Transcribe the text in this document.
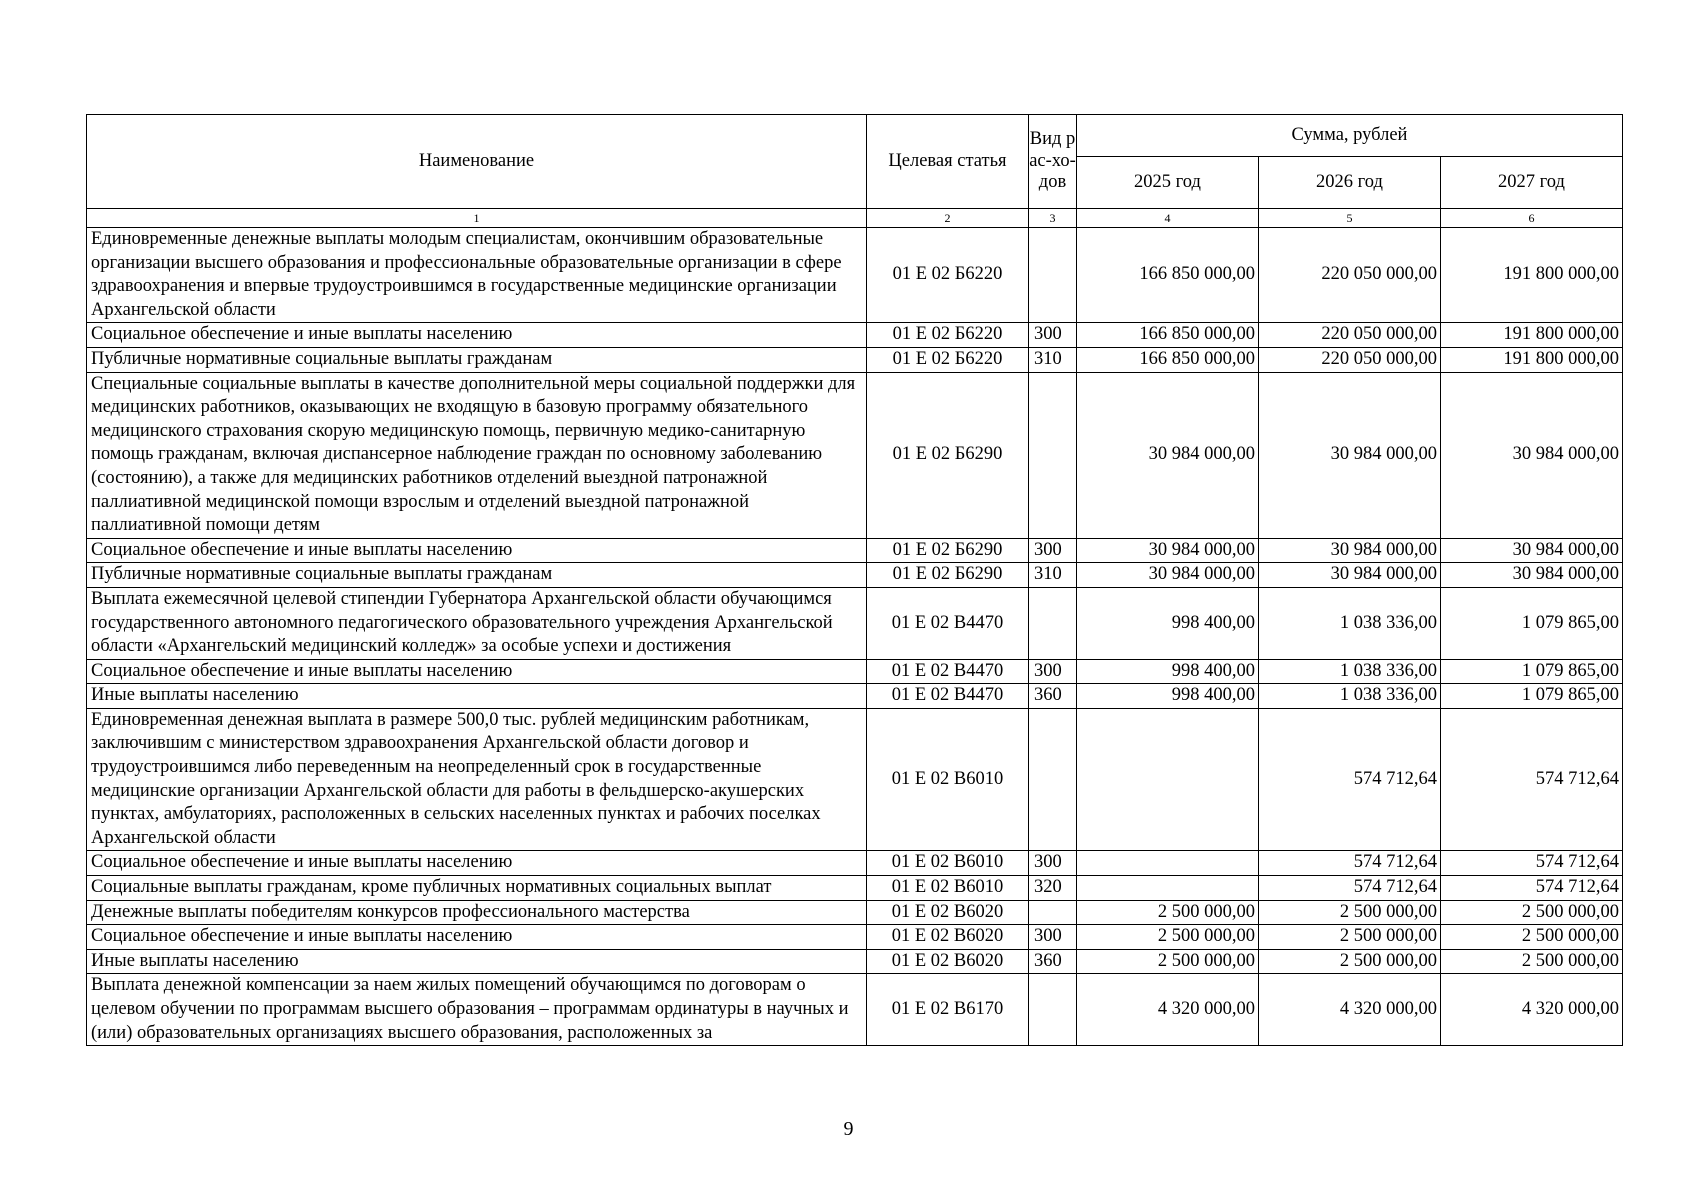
Наименование	Целевая статья	Вид рас-хо-дов	Сумма, рублей		
			2025 год	2026 год	2027 год
1	2	3	4	5	6
Единовременные денежные выплаты молодым специалистам, окончившим образовательные организации высшего образования и профессиональные образовательные организации в сфере здравоохранения и впервые трудоустроившимся в государственные медицинские организации Архангельской области	01 Е 02 Б6220		166 850 000,00	220 050 000,00	191 800 000,00
Социальное обеспечение и иные выплаты населению	01 Е 02 Б6220	300	166 850 000,00	220 050 000,00	191 800 000,00
Публичные нормативные социальные выплаты гражданам	01 Е 02 Б6220	310	166 850 000,00	220 050 000,00	191 800 000,00
Специальные социальные выплаты в качестве дополнительной меры социальной поддержки для медицинских работников, оказывающих не входящую в базовую программу обязательного медицинского страхования скорую медицинскую помощь, первичную медико-санитарную помощь гражданам, включая диспансерное наблюдение граждан по основному заболеванию (состоянию), а также для медицинских работников отделений выездной патронажной паллиативной медицинской помощи взрослым и отделений выездной патронажной паллиативной помощи детям	01 Е 02 Б6290		30 984 000,00	30 984 000,00	30 984 000,00
Социальное обеспечение и иные выплаты населению	01 Е 02 Б6290	300	30 984 000,00	30 984 000,00	30 984 000,00
Публичные нормативные социальные выплаты гражданам	01 Е 02 Б6290	310	30 984 000,00	30 984 000,00	30 984 000,00
Выплата ежемесячной целевой стипендии Губернатора Архангельской области обучающимся государственного автономного педагогического образовательного учреждения Архангельской области «Архангельский медицинский колледж» за особые успехи и достижения	01 Е 02 В4470		998 400,00	1 038 336,00	1 079 865,00
Социальное обеспечение и иные выплаты населению	01 Е 02 В4470	300	998 400,00	1 038 336,00	1 079 865,00
Иные выплаты населению	01 Е 02 В4470	360	998 400,00	1 038 336,00	1 079 865,00
Единовременная денежная выплата в размере 500,0 тыс. рублей медицинским работникам, заключившим с министерством здравоохранения Архангельской области договор и трудоустроившимся либо переведенным на неопределенный срок в государственные медицинские организации Архангельской области для работы в фельдшерско-акушерских пунктах, амбулаториях, расположенных в сельских населенных пунктах и рабочих поселках Архангельской области	01 Е 02 В6010			574 712,64	574 712,64
Социальное обеспечение и иные выплаты населению	01 Е 02 В6010	300		574 712,64	574 712,64
Социальные выплаты гражданам, кроме публичных нормативных социальных выплат	01 Е 02 В6010	320		574 712,64	574 712,64
Денежные выплаты победителям конкурсов профессионального мастерства	01 Е 02 В6020		2 500 000,00	2 500 000,00	2 500 000,00
Социальное обеспечение и иные выплаты населению	01 Е 02 В6020	300	2 500 000,00	2 500 000,00	2 500 000,00
Иные выплаты населению	01 Е 02 В6020	360	2 500 000,00	2 500 000,00	2 500 000,00

Выплата денежной компенсации за наем жилых помещений обучающимся по договорам о целевом обучении по программам высшего образования – программам ординатуры в научных и (или) образовательных организациях высшего образования, расположенных за	01 Е 02 В6170		4 320 000,00	4 320 000,00	4 320 000,00
9
